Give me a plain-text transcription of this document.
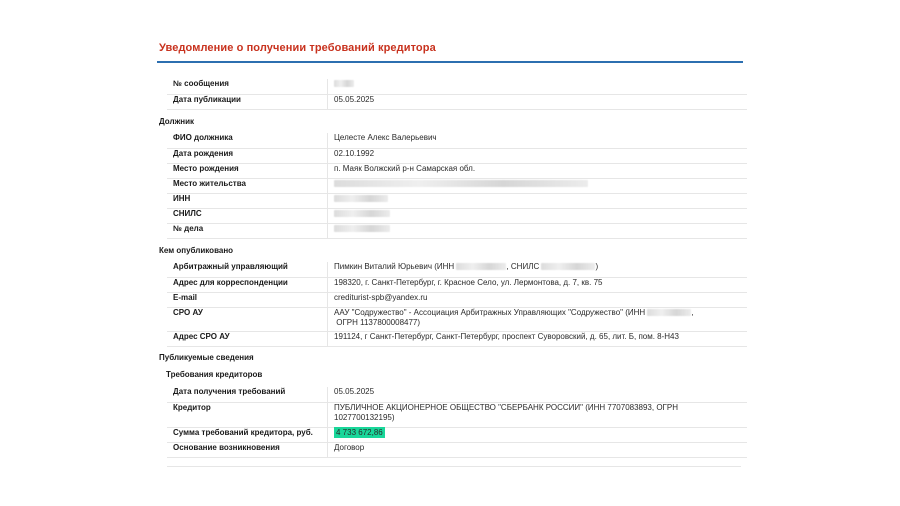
Уведомление о получении требований кредитора
№ сообщения	
Дата публикации	05.05.2025
Должник
ФИО должника	Целесте Алекс Валерьевич
Дата рождения	02.10.1992
Место рождения	п. Маяк Волжский р-н Самарская обл.
Место жительства	
ИНН	
СНИЛС	
№ дела	
Кем опубликовано
Арбитражный управляющий	Пимкин Виталий Юрьевич (ИНН , СНИЛС )
Адрес для корреспонденции	198320, г. Санкт-Петербург, г. Красное Село, ул. Лермонтова, д. 7, кв. 75
E-mail	crediturist-spb@yandex.ru
СРО АУ	ААУ "Содружество" - Ассоциация Арбитражных Управляющих "Содружество" (ИНН ,
ОГРН 1137800008477)
Адрес СРО АУ	191124, г Санкт-Петербург, Санкт-Петербург, проспект Суворовский, д. 65, лит. Б, пом. 8-Н43
Публикуемые сведения
Требования кредиторов
Дата получения требований	05.05.2025
Кредитор	ПУБЛИЧНОЕ АКЦИОНЕРНОЕ ОБЩЕСТВО "СБЕРБАНК РОССИИ" (ИНН 7707083893, ОГРН
1027700132195)
Сумма требований кредитора, руб.	4 733 672,86
Основание возникновения	Договор
